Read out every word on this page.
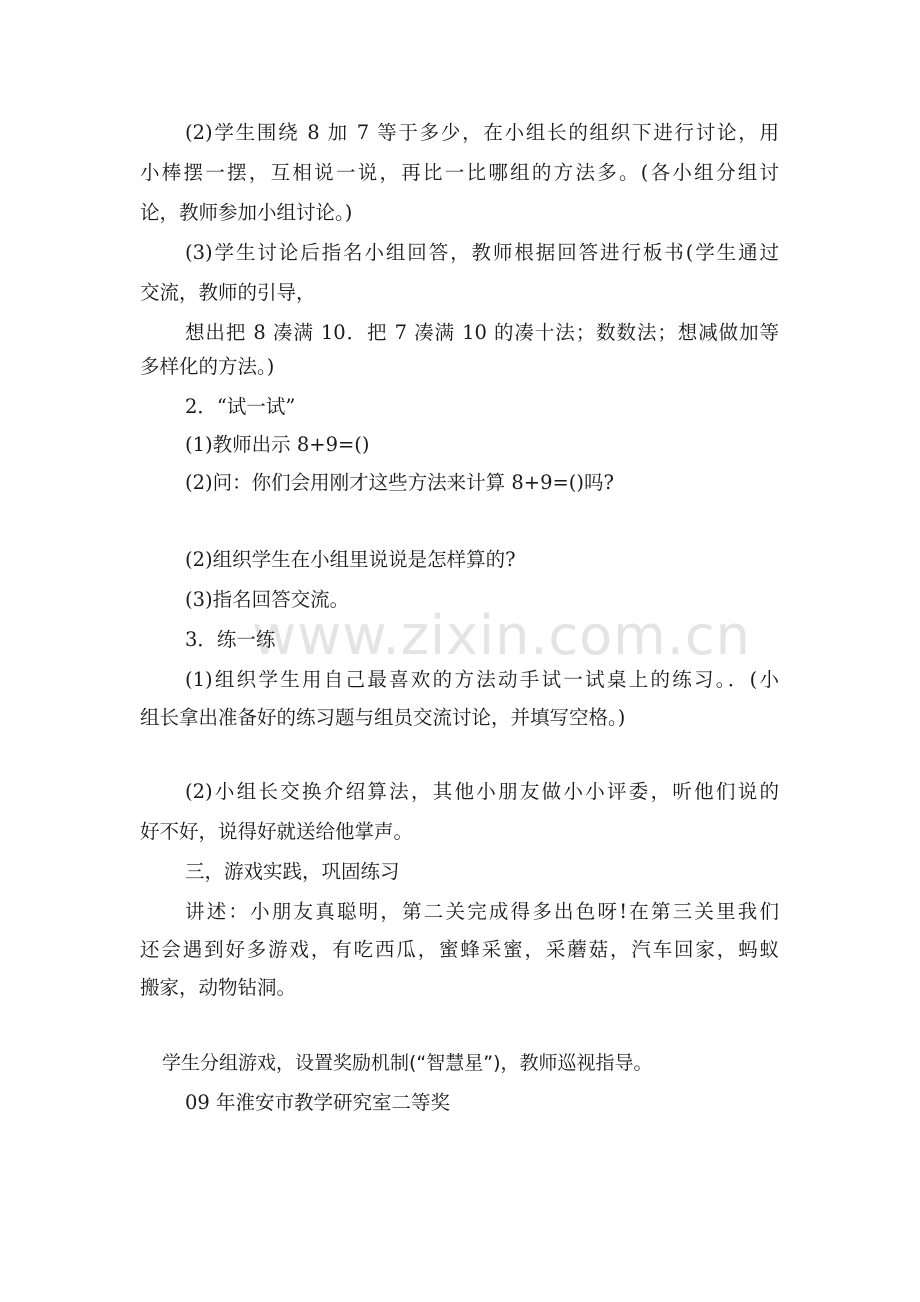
www.zixin.com.cn

(2)学生围绕 8 加 7 等于多少，在小组长的组织下进行讨论，用

小棒摆一摆，互相说一说，再比一比哪组的方法多。(各小组分组讨

论，教师参加小组讨论。)

(3)学生讨论后指名小组回答，教师根据回答进行板书(学生通过

交流，教师的引导，

想出把 8 凑满 10．把 7 凑满 10 的凑十法；数数法；想减做加等

多样化的方法。)

2．“试一试”

(1)教师出示 8+9=()

(2)问：你们会用刚才这些方法来计算 8+9=()吗?

(2)组织学生在小组里说说是怎样算的?

(3)指名回答交流。

3．练一练

(1)组织学生用自己最喜欢的方法动手试一试桌上的练习。．(小

组长拿出准备好的练习题与组员交流讨论，并填写空格。)

(2)小组长交换介绍算法，其他小朋友做小小评委，听他们说的

好不好，说得好就送给他掌声。

三，游戏实践，巩固练习

讲述：小朋友真聪明，第二关完成得多出色呀!在第三关里我们

还会遇到好多游戏，有吃西瓜，蜜蜂采蜜，采蘑菇，汽车回家，蚂蚁

搬家，动物钻洞。

学生分组游戏，设置奖励机制(“智慧星”)，教师巡视指导。

09 年淮安市教学研究室二等奖
